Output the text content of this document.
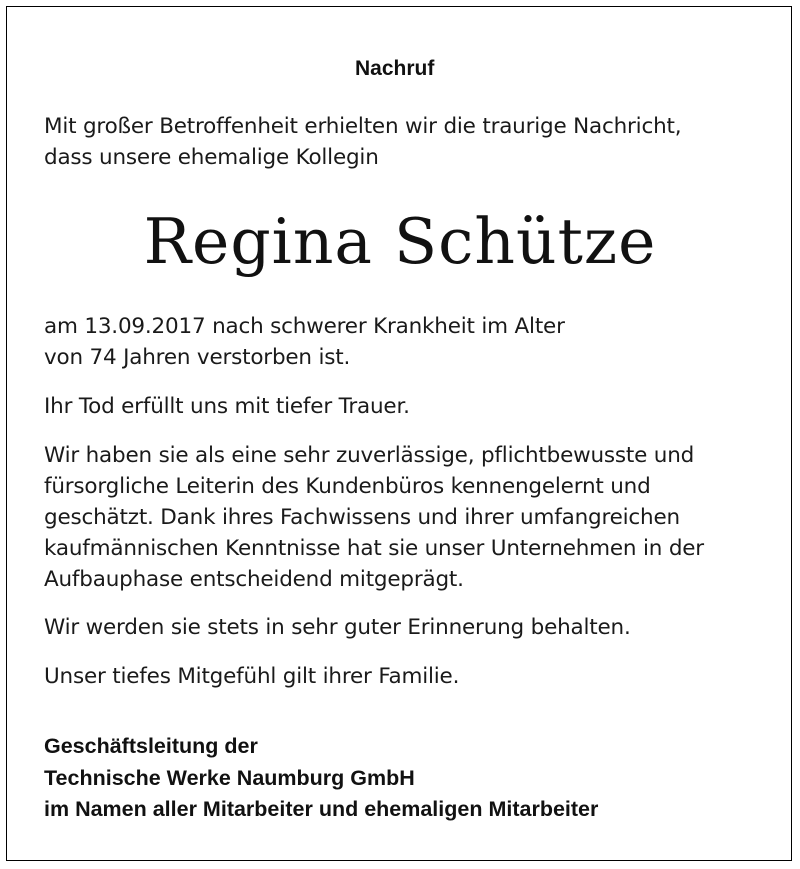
Nachruf
Mit großer Betroffenheit erhielten wir die traurige Nachricht,
dass unsere ehemalige Kollegin
Regina Schütze
am 13.09.2017 nach schwerer Krankheit im Alter
von 74 Jahren verstorben ist.
Ihr Tod erfüllt uns mit tiefer Trauer.
Wir haben sie als eine sehr zuverlässige, pflichtbewusste und
fürsorgliche Leiterin des Kundenbüros kennengelernt und
geschätzt. Dank ihres Fachwissens und ihrer umfangreichen
kaufmännischen Kenntnisse hat sie unser Unternehmen in der
Aufbauphase entscheidend mitgeprägt.
Wir werden sie stets in sehr guter Erinnerung behalten.
Unser tiefes Mitgefühl gilt ihrer Familie.
Geschäftsleitung der
Technische Werke Naumburg GmbH
im Namen aller Mitarbeiter und ehemaligen Mitarbeiter
